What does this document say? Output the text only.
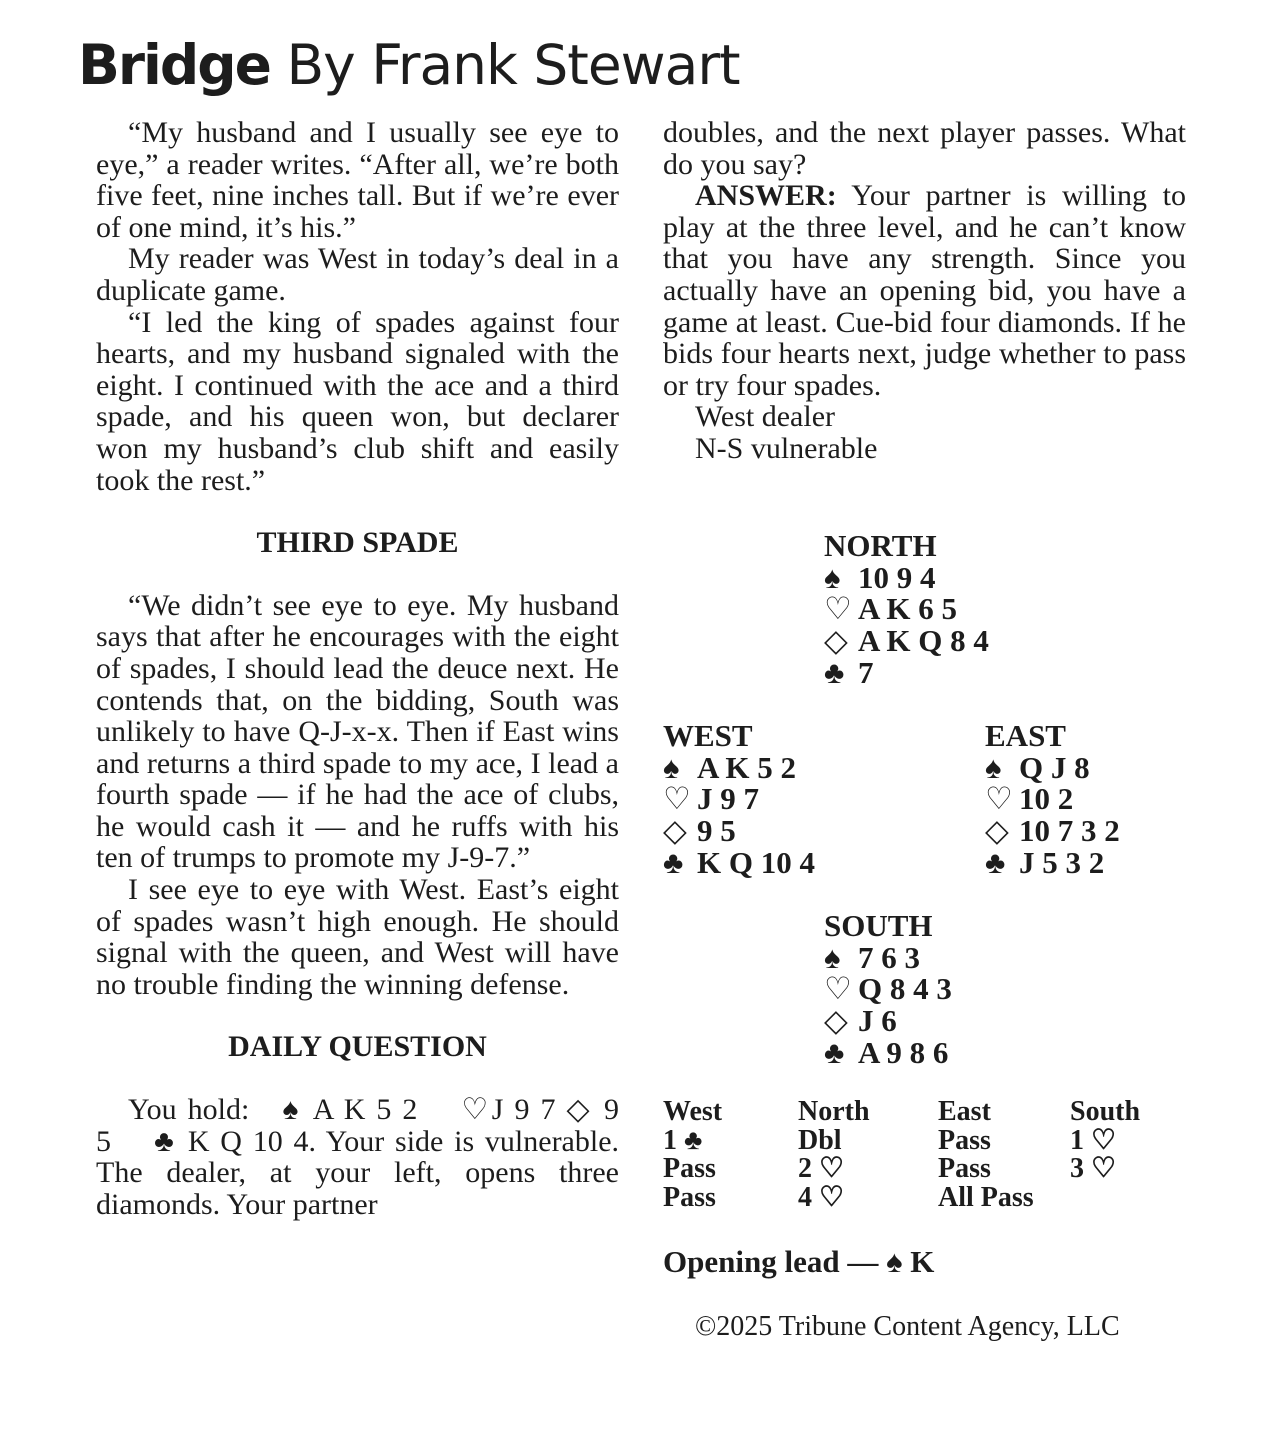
Bridge By Frank Stewart

“My husband and I usually see eye to eye,” a reader writes. “After all, we’re both five feet, nine inches tall. But if we’re ever of one mind, it’s his.”

My reader was West in today’s deal in a duplicate game.

“I led the king of spades against four hearts, and my husband signaled with the eight. I continued with the ace and a third spade, and his queen won, but declarer won my husband’s club shift and easily took the rest.”

THIRD SPADE

“We didn’t see eye to eye. My husband says that after he encourages with the eight of spades, I should lead the deuce next. He contends that, on the bidding, South was unlikely to have Q-J-x-x. Then if East wins and returns a third spade to my ace, I lead a fourth spade — if he had the ace of clubs, he would cash it — and he ruffs with his ten of trumps to promote my J-9-7.”

I see eye to eye with West. East’s eight of spades wasn’t high enough. He should signal with the queen, and West will have no trouble finding the winning defense.

DAILY QUESTION

You hold: ♠ A K 5 2 ♡J 9 7 ◇ 9 5 ♣ K Q 10 4. Your side is vulnerable. The dealer, at your left, opens three diamonds. Your partner

doubles, and the next player passes. What do you say?

ANSWER: Your partner is willing to play at the three level, and he can’t know that you have any strength. Since you actually have an opening bid, you have a game at least. Cue-bid four diamonds. If he bids four hearts next, judge whether to pass or try four spades.

West dealer

N-S vulnerable

NORTH
♠ 10 9 4
♡ A K 6 5
◇ A K Q 8 4
♣ 7
WEST
♠ A K 5 2
♡ J 9 7
◇ 9 5
♣ K Q 10 4
EAST
♠ Q J 8
♡ 10 2
◇ 10 7 3 2
♣ J 5 3 2
SOUTH
♠ 7 6 3
♡ Q 8 4 3
◇ J 6
♣ A 9 8 6
West	North	East	South
1 ♣	Dbl	Pass	1 ♡
Pass	2 ♡	Pass	3 ♡
Pass	4 ♡	All Pass
Opening lead — ♠ K
©2025 Tribune Content Agency, LLC
